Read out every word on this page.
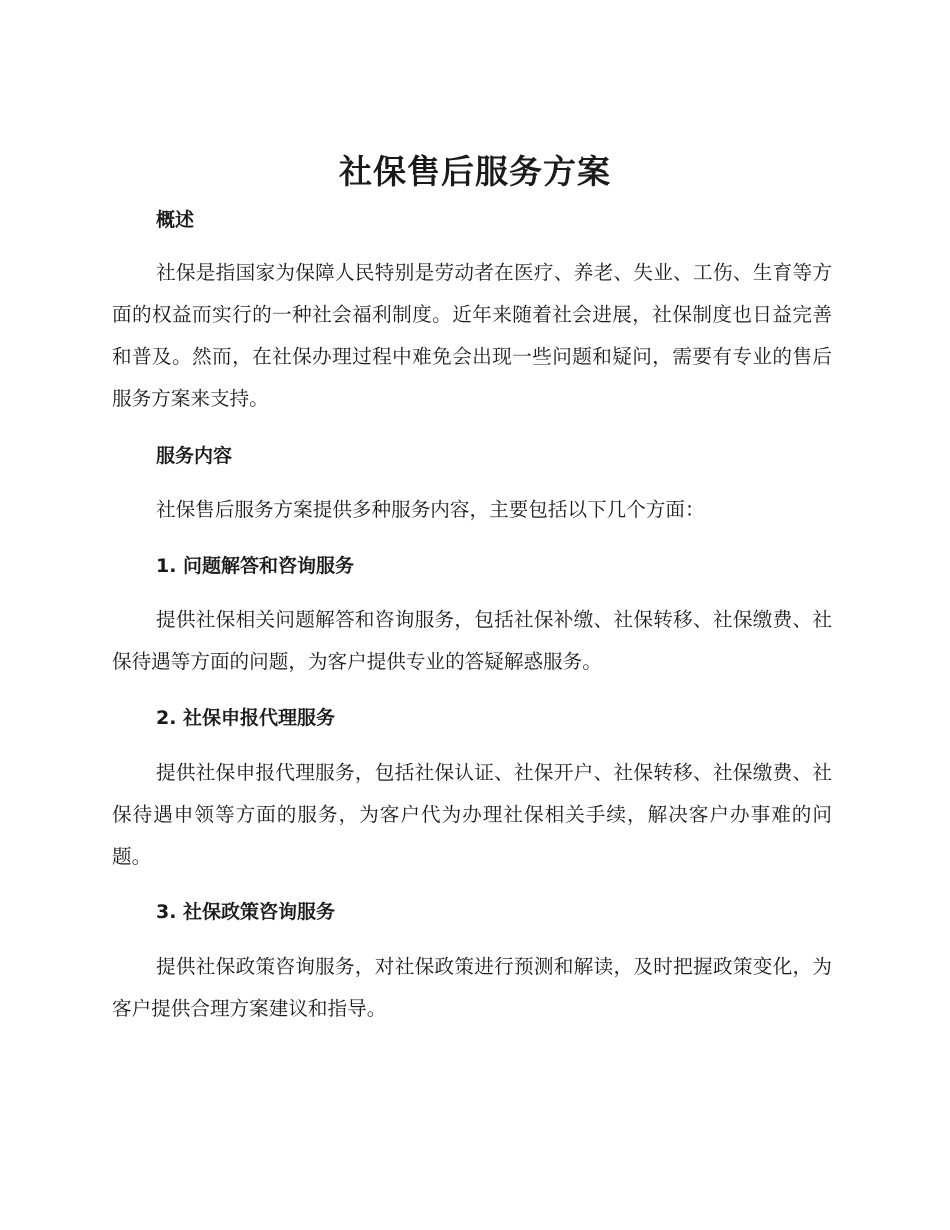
社保售后服务方案
概述

社保是指国家为保障人民特别是劳动者在医疗、养老、失业、工伤、生育等方面的权益而实行的一种社会福利制度。近年来随着社会进展，社保制度也日益完善和普及。然而，在社保办理过程中难免会出现一些问题和疑问，需要有专业的售后服务方案来支持。

服务内容

社保售后服务方案提供多种服务内容，主要包括以下几个方面：

1. 问题解答和咨询服务

提供社保相关问题解答和咨询服务，包括社保补缴、社保转移、社保缴费、社保待遇等方面的问题，为客户提供专业的答疑解惑服务。

2. 社保申报代理服务

提供社保申报代理服务，包括社保认证、社保开户、社保转移、社保缴费、社保待遇申领等方面的服务，为客户代为办理社保相关手续，解决客户办事难的问题。

3. 社保政策咨询服务

提供社保政策咨询服务，对社保政策进行预测和解读，及时把握政策变化，为客户提供合理方案建议和指导。
